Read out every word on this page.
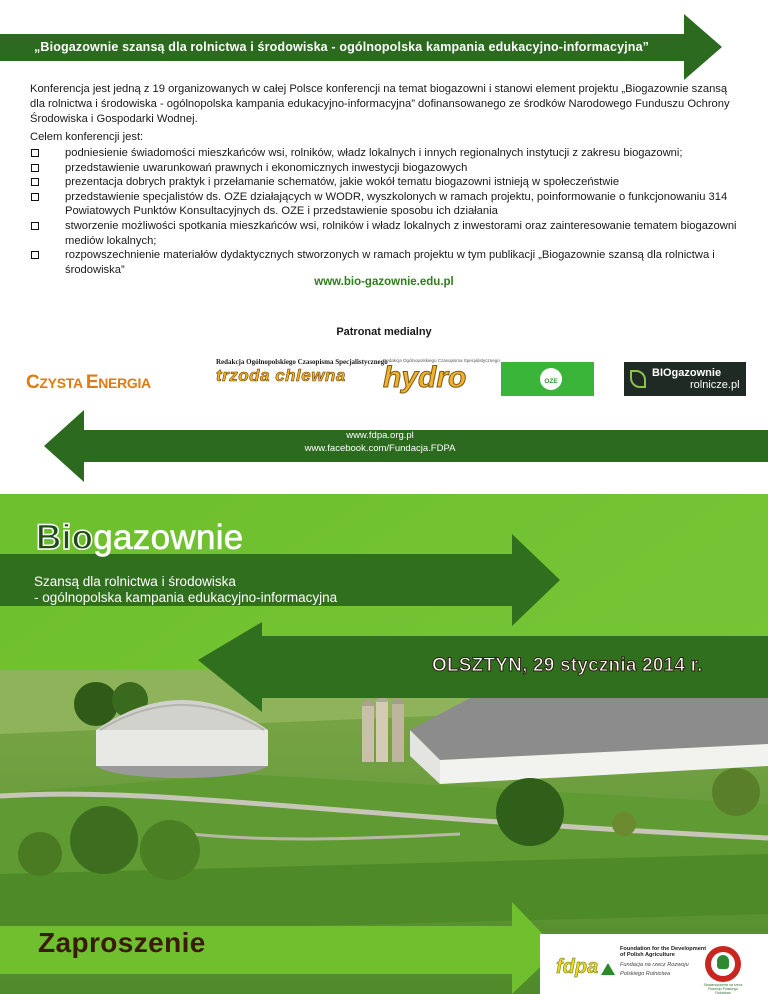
„Biogazownie szansą dla rolnictwa i środowiska - ogólnopolska kampania edukacyjno-informacyjna”

Konferencja jest jedną z 19 organizowanych w całej Polsce konferencji na temat biogazowni i stanowi element projektu „Biogazownie szansą dla rolnictwa i środowiska - ogólnopolska kampania edukacyjno-informacyjna” dofinansowanego ze środków Narodowego Funduszu Ochrony Środowiska i Gospodarki Wodnej.

Celem konferencji jest:
podniesienie świadomości mieszkańców wsi, rolników, władz lokalnych i innych regionalnych instytucji z zakresu biogazowni;
przedstawienie uwarunkowań prawnych i ekonomicznych inwestycji biogazowych
prezentacja dobrych praktyk i przełamanie schematów, jakie wokół tematu biogazowni istnieją w społeczeństwie
przedstawienie specjalistów ds. OZE działających w WODR, wyszkolonych w ramach projektu, poinformowanie o funkcjonowaniu 314 Powiatowych Punktów Konsultacyjnych ds. OZE i przedstawienie sposobu ich działania
stworzenie możliwości spotkania mieszkańców wsi, rolników i władz lokalnych z inwestorami oraz zainteresowanie tematem biogazowni mediów lokalnych;
rozpowszechnienie materiałów dydaktycznych stworzonych w ramach projektu w tym publikacji „Biogazownie szansą dla rolnictwa i środowiska”
www.bio-gazownie.edu.pl
Patronat medialny
CZYSTA ENERGIA
Redakcja Ogólnopolskiego Czasopisma Specjalistycznego
trzoda chlewna
Redakcja Ogólnopolskiego Czasopisma Specjalistycznego
hydro	OZE
BIOgazownie
rolnicze.pl
www.fdpa.org.pl
www.facebook.com/Fundacja.FDPA
Biogazownie
Szansą dla rolnictwa i środowiska
- ogólnopolska kampania edukacyjno-informacyjna
OLSZTYN, 29 stycznia 2014 r.
Zaproszenie
fdpa
Foundation for the Development
of Polish Agriculture
Fundacja na rzecz Rozwoju
Polskiego Rolnictwa
Stowarzyszenie na rzecz Rozwoju Polskiego Rolnictwa
